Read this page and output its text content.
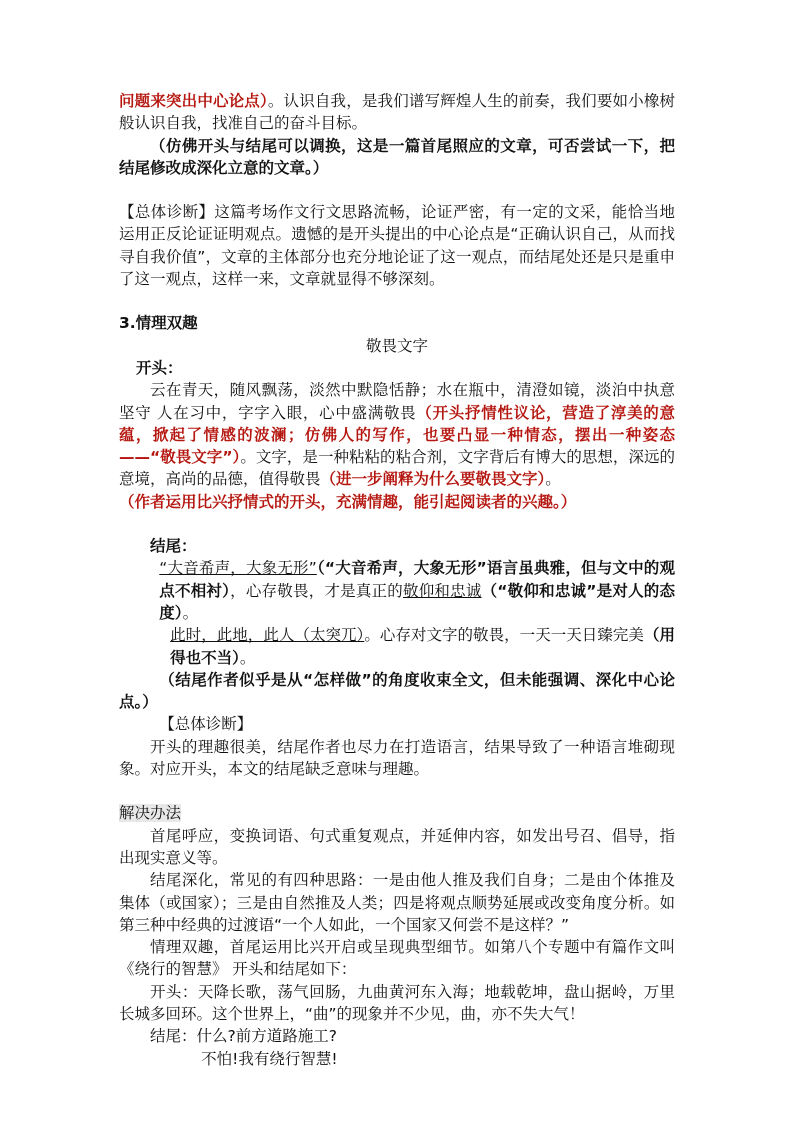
问题来突出中心论点）。认识自我，是我们谱写辉煌人生的前奏，我们要如小橡树般认识自我，找准自己的奋斗目标。

（仿佛开头与结尾可以调换，这是一篇首尾照应的文章，可否尝试一下，把结尾修改成深化立意的文章。）

【总体诊断】这篇考场作文行文思路流畅，论证严密，有一定的文采，能恰当地运用正反论证证明观点。遗憾的是开头提出的中心论点是“正确认识自己，从而找寻自我价值”，文章的主体部分也充分地论证了这一观点，而结尾处还是只是重申了这一观点，这样一来，文章就显得不够深刻。

3.情理双趣

敬畏文字

开头：

云在青天，随风飘荡，淡然中默隐恬静；水在瓶中，清澄如镜，淡泊中执意坚守 人在习中，字字入眼，心中盛满敬畏（开头抒情性议论，营造了淳美的意蕴，掀起了情感的波澜；仿佛人的写作，也要凸显一种情态，摆出一种姿态——“敬畏文字”）。文字，是一种粘粘的粘合剂，文字背后有博大的思想，深远的意境，高尚的品德，值得敬畏（进一步阐释为什么要敬畏文字）。

（作者运用比兴抒情式的开头，充满情趣，能引起阅读者的兴趣。）

结尾：

“大音希声，大象无形”（“大音希声，大象无形”语言虽典雅，但与文中的观点不相衬），心存敬畏，才是真正的敬仰和忠诚（“敬仰和忠诚”是对人的态度）。

此时，此地，此人（太突兀）。心存对文字的敬畏，一天一天日臻完美（用得也不当）。

（结尾作者似乎是从“怎样做”的角度收束全文，但未能强调、深化中心论点。）

【总体诊断】

开头的理趣很美，结尾作者也尽力在打造语言，结果导致了一种语言堆砌现象。对应开头，本文的结尾缺乏意味与理趣。

解决办法

首尾呼应，变换词语、句式重复观点，并延伸内容，如发出号召、倡导，指出现实意义等。

结尾深化，常见的有四种思路：一是由他人推及我们自身；二是由个体推及集体（或国家）；三是由自然推及人类；四是将观点顺势延展或改变角度分析。如第三种中经典的过渡语“一个人如此，一个国家又何尝不是这样？”

情理双趣，首尾运用比兴开启或呈现典型细节。如第八个专题中有篇作文叫《绕行的智慧》 开头和结尾如下：

开头：天降长歌，荡气回肠，九曲黄河东入海；地载乾坤，盘山据岭，万里长城多回环。这个世界上，“曲”的现象并不少见，曲，亦不失大气！

结尾：什么?前方道路施工?

不怕!我有绕行智慧!
